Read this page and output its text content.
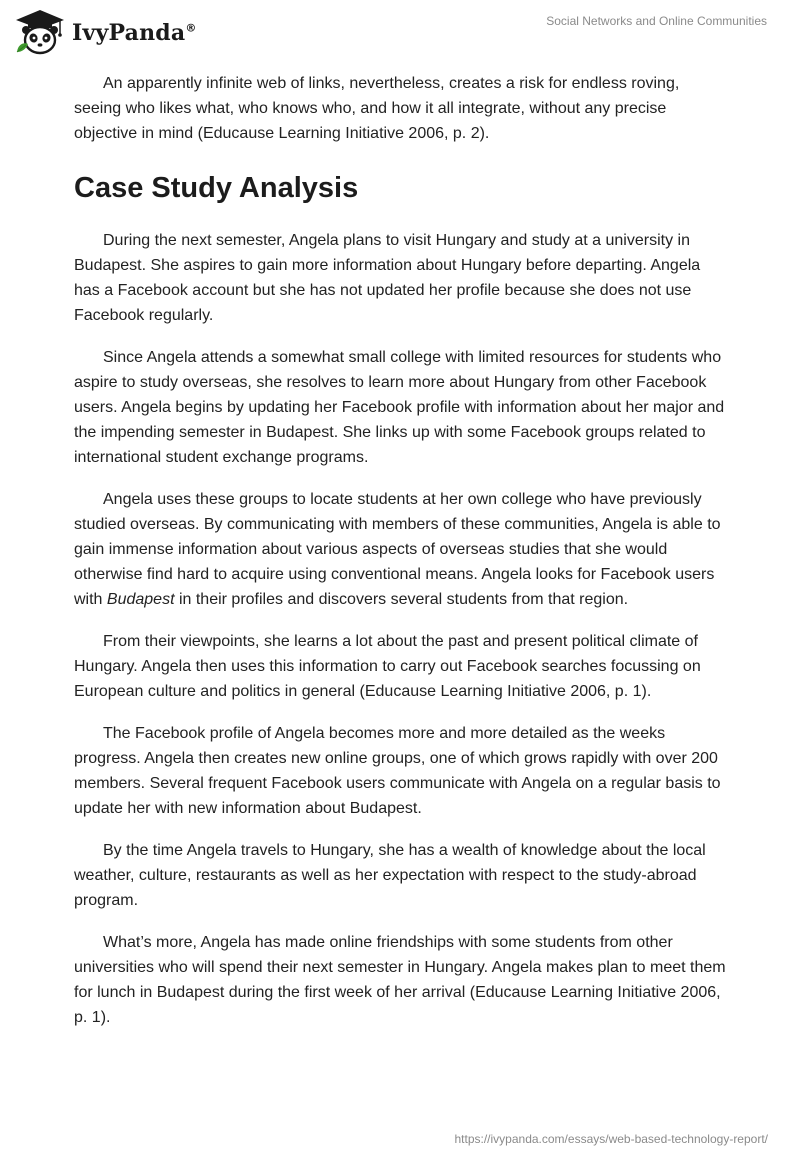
IvyPanda®
Social Networks and Online Communities

An apparently infinite web of links, nevertheless, creates a risk for endless roving, seeing who likes what, who knows who, and how it all integrate, without any precise objective in mind (Educause Learning Initiative 2006, p. 2).

Case Study Analysis

During the next semester, Angela plans to visit Hungary and study at a university in Budapest. She aspires to gain more information about Hungary before departing. Angela has a Facebook account but she has not updated her profile because she does not use Facebook regularly.

Since Angela attends a somewhat small college with limited resources for students who aspire to study overseas, she resolves to learn more about Hungary from other Facebook users. Angela begins by updating her Facebook profile with information about her major and the impending semester in Budapest. She links up with some Facebook groups related to international student exchange programs.

Angela uses these groups to locate students at her own college who have previously studied overseas. By communicating with members of these communities, Angela is able to gain immense information about various aspects of overseas studies that she would otherwise find hard to acquire using conventional means. Angela looks for Facebook users with Budapest in their profiles and discovers several students from that region.

From their viewpoints, she learns a lot about the past and present political climate of Hungary. Angela then uses this information to carry out Facebook searches focussing on European culture and politics in general (Educause Learning Initiative 2006, p. 1).

The Facebook profile of Angela becomes more and more detailed as the weeks progress. Angela then creates new online groups, one of which grows rapidly with over 200 members. Several frequent Facebook users communicate with Angela on a regular basis to update her with new information about Budapest.

By the time Angela travels to Hungary, she has a wealth of knowledge about the local weather, culture, restaurants as well as her expectation with respect to the study-abroad program.

What’s more, Angela has made online friendships with some students from other universities who will spend their next semester in Hungary. Angela makes plan to meet them for lunch in Budapest during the first week of her arrival (Educause Learning Initiative 2006, p. 1).

https://ivypanda.com/essays/web-based-technology-report/
